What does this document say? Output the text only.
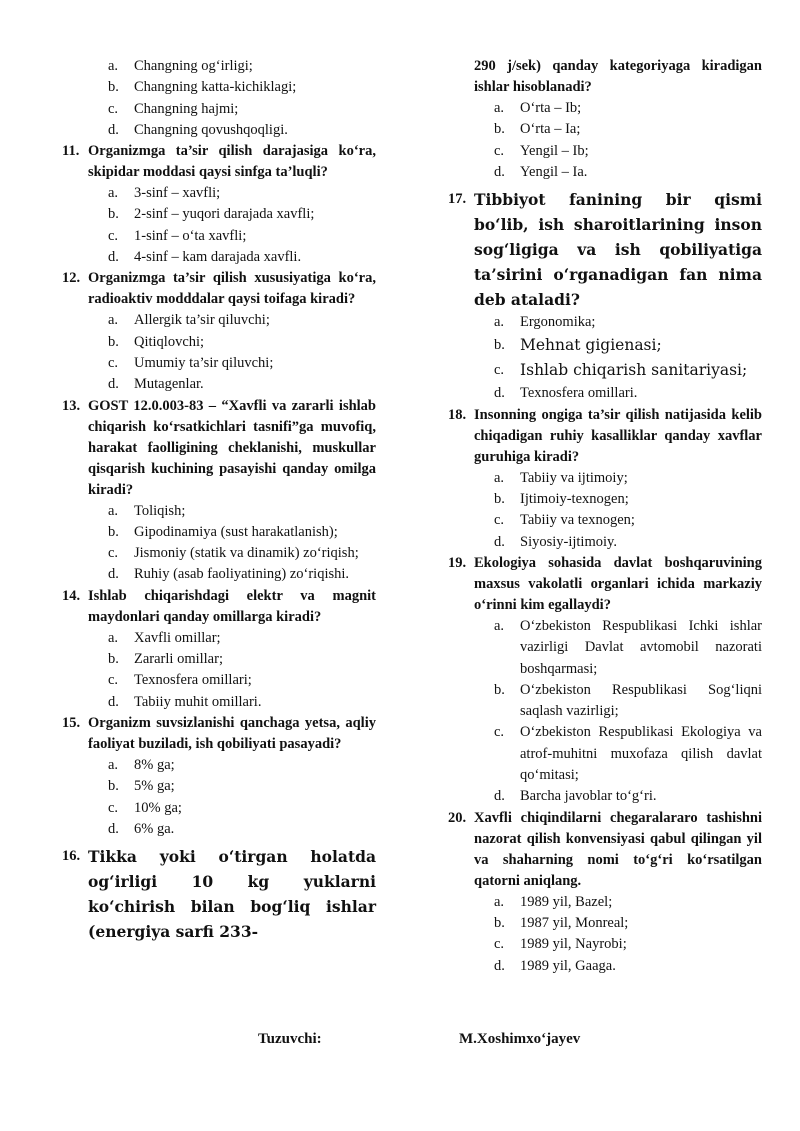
a.	Changning og‘irligi;
b.	Changning katta-kichiklagi;
c.	Changning hajmi;
d.	Changning qovushqoqligi.
11. Organizmga ta’sir qilish darajasiga ko‘ra, skipidar moddasi qaysi sinfga ta’luqli?
a.	3-sinf – xavfli;
b.	2-sinf – yuqori darajada xavfli;
c.	1-sinf – o‘ta xavfli;
d.	4-sinf – kam darajada xavfli.
12. Organizmga ta’sir qilish xususiyatiga ko‘ra, radioaktiv modddalar qaysi toifaga kiradi?
a.	Allergik ta’sir qiluvchi;
b.	Qitiqlovchi;
c.	Umumiy ta’sir qiluvchi;
d.	Mutagenlar.
13. GOST 12.0.003-83 – “Xavfli va zararli ishlab chiqarish ko‘rsatkichlari tasnifi”ga muvofiq, harakat faolligining cheklanishi, muskullar qisqarish kuchining pasayishi qanday omilga kiradi?
a.	Toliqish;
b.	Gipodinamiya (sust harakatlanish);
c.	Jismoniy (statik va dinamik) zo‘riqish;
d.	Ruhiy (asab faoliyatining) zo‘riqishi.
14. Ishlab chiqarishdagi elektr va magnit maydonlari qanday omillarga kiradi?
a.	Xavfli omillar;
b.	Zararli omillar;
c.	Texnosfera omillari;
d.	Tabiiy muhit omillari.
15. Organizm suvsizlanishi qanchaga yetsa, aqliy faoliyat buziladi, ish qobiliyati pasayadi?
a.	8% ga;
b.	5% ga;
c.	10% ga;
d.	6% ga.
16. Tikka yoki o‘tirgan holatda og‘irligi 10 kg yuklarni ko‘chirish bilan bog‘liq ishlar (energiya sarfi 233-
290 j/sek) qanday kategoriyaga kiradigan ishlar hisoblanadi?
a.	O‘rta – Ib;
b.	O‘rta – Ia;
c.	Yengil – Ib;
d.	Yengil – Ia.
17. Tibbiyot fanining bir qismi bo‘lib, ish sharoitlarining inson sog‘ligiga va ish qobiliyatiga ta’sirini o‘rganadigan fan nima deb ataladi?
a.	Ergonomika;
b. Mehnat gigienasi;
c.	Ishlab chiqarish sanitariyasi;
d.	Texnosfera omillari.
18. Insonning ongiga ta’sir qilish natijasida kelib chiqadigan ruhiy kasalliklar qanday xavflar guruhiga kiradi?
a.	Tabiiy va ijtimoiy;
b.	Ijtimoiy-texnogen;
c.	Tabiiy va texnogen;
d.	Siyosiy-ijtimoiy.
19. Ekologiya sohasida davlat boshqaruvining maxsus vakolatli organlari ichida markaziy o‘rinni kim egallaydi?
a.	O‘zbekiston Respublikasi Ichki ishlar vazirligi Davlat avtomobil nazorati boshqarmasi;
b.	O‘zbekiston Respublikasi Sog‘liqni saqlash vazirligi;
c.	O‘zbekiston Respublikasi Ekologiya va atrof-muhitni muxofaza qilish davlat qo‘mitasi;
d.	Barcha javoblar to‘g‘ri.
20. Xavfli chiqindilarni chegaralararo tashishni nazorat qilish konvensiyasi qabul qilingan yil va shaharning nomi to‘g‘ri ko‘rsatilgan qatorni aniqlang.
a.	1989 yil, Bazel;
b.	1987 yil, Monreal;
c.	1989 yil, Nayrobi;
d.	1989 yil, Gaaga.
Tuzuvchi:	M.Xoshimxo‘jayev
